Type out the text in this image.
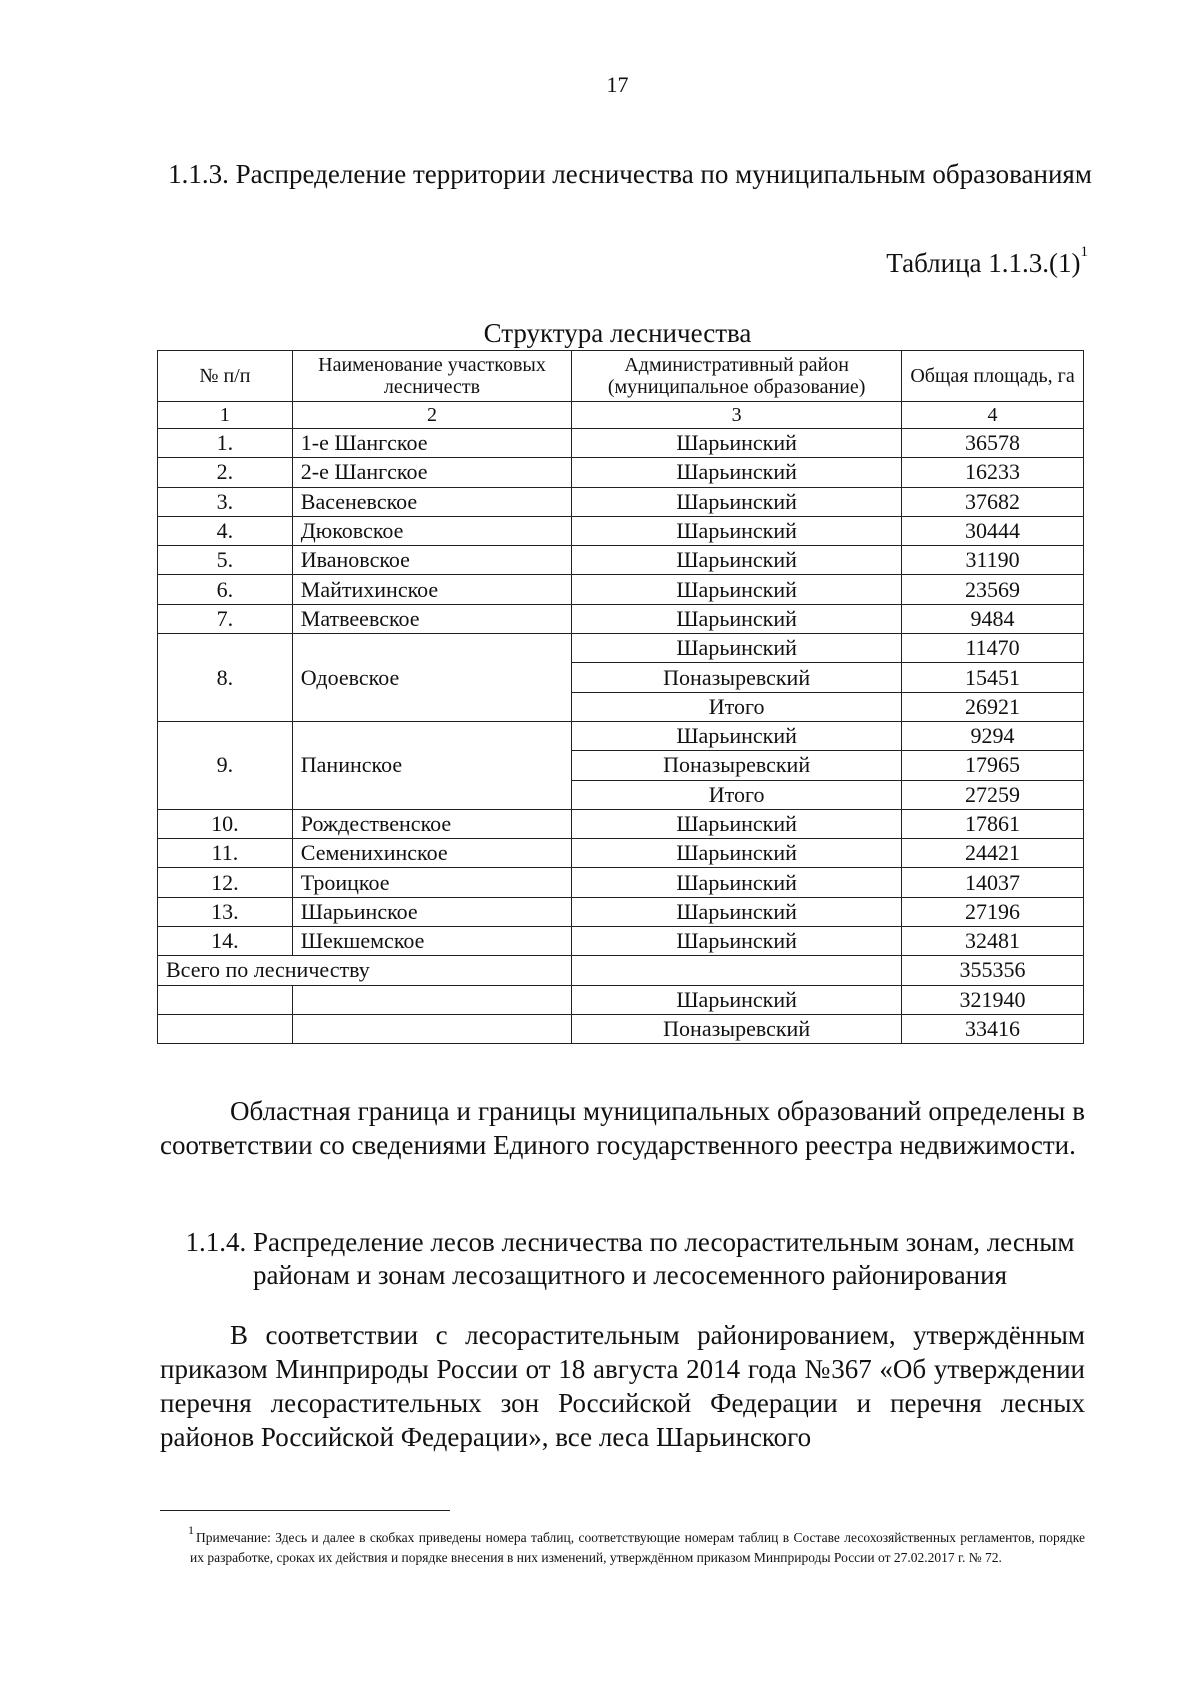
17
1.1.3. Распределение территории лесничества по муниципальным образованиям
Таблица $1.1.3.(1)^1$
Структура лесничества
№ п/п	Наименование участковых лесничеств	Административный район (муниципальное образование)	Общая площадь, га
1	2	3	4
1.	1-е Шангское	Шарьинский	36578
2.	2-е Шангское	Шарьинский	16233
3.	Васеневское	Шарьинский	37682
4.	Дюковское	Шарьинский	30444
5.	Ивановское	Шарьинский	31190
6.	Майтихинское	Шарьинский	23569
7.	Матвеевское	Шарьинский	9484
8.	Одоевское	Шарьинский	11470
		Поназыревский	15451
		Итого	26921
9.	Панинское	Шарьинский	9294
		Поназыревский	17965
		Итого	27259
10.	Рождественское	Шарьинский	17861
11.	Семенихинское	Шарьинский	24421
12.	Троицкое	Шарьинский	14037
13.	Шарьинское	Шарьинский	27196
14.	Шекшемское	Шарьинский	32481
Всего по лесничеству			355356
		Шарьинский	321940
		Поназыревский	33416
Областная граница и границы муниципальных образований определены в соответствии со сведениями Единого государственного реестра недвижимости.
1.1.4. Распределение лесов лесничества по лесорастительным зонам, лесным районам и зонам лесозащитного и лесосеменного районирования
В соответствии с лесорастительным районированием, утверждённым приказом Минприроды России от 18 августа 2014 года №367 «Об утверждении перечня лесорастительных зон Российской Федерации и перечня лесных районов Российской Федерации», все леса Шарьинского
$^1$ Примечание: Здесь и далее в скобках приведены номера таблиц, соответствующие номерам таблиц в Составе лесохозяйственных регламентов, порядке их разработке, сроках их действия и порядке внесения в них изменений, утверждённом приказом Минприроды России от 27.02.2017 г. № 72.
